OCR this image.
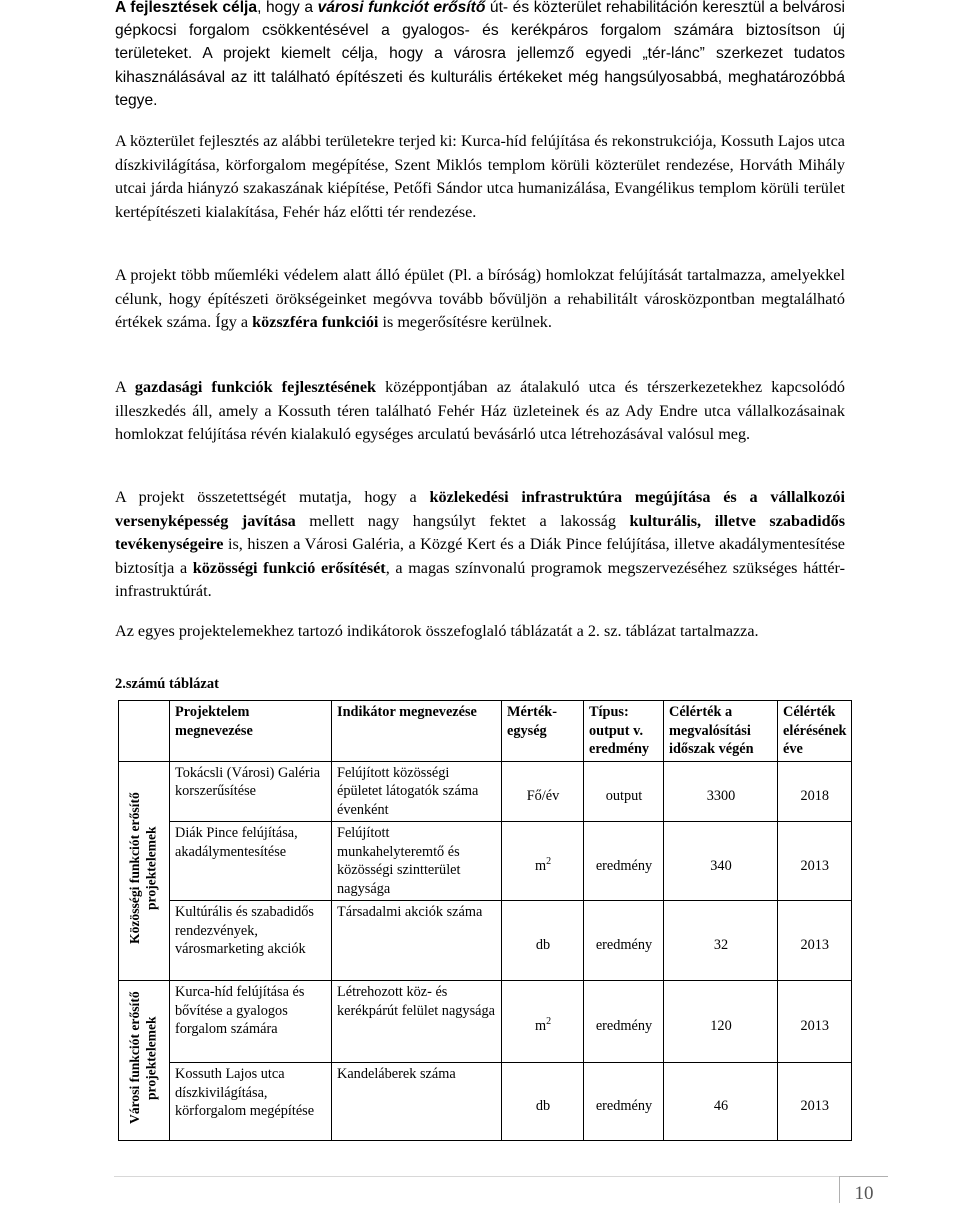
A fejlesztések célja, hogy a városi funkciót erősítő út- és közterület rehabilitáción keresztül a belvárosi gépkocsi forgalom csökkentésével a gyalogos- és kerékpáros forgalom számára biztosítson új területeket. A projekt kiemelt célja, hogy a városra jellemző egyedi „tér-lánc” szerkezet tudatos kihasználásával az itt található építészeti és kulturális értékeket még hangsúlyosabbá, meghatározóbbá tegye.

A közterület fejlesztés az alábbi területekre terjed ki: Kurca-híd felújítása és rekonstrukciója, Kossuth Lajos utca díszkivilágítása, körforgalom megépítése, Szent Miklós templom körüli közterület rendezése, Horváth Mihály utcai járda hiányzó szakaszának kiépítése, Petőfi Sándor utca humanizálása, Evangélikus templom körüli terület kertépítészeti kialakítása, Fehér ház előtti tér rendezése.

A projekt több műemléki védelem alatt álló épület (Pl. a bíróság) homlokzat felújítását tartalmazza, amelyekkel célunk, hogy építészeti örökségeinket megóvva tovább bővüljön a rehabilitált városközpontban megtalálható értékek száma. Így a közszféra funkciói is megerősítésre kerülnek.

A gazdasági funkciók fejlesztésének középpontjában az átalakuló utca és térszerkezetekhez kapcsolódó illeszkedés áll, amely a Kossuth téren található Fehér Ház üzleteinek és az Ady Endre utca vállalkozásainak homlokzat felújítása révén kialakuló egységes arculatú bevásárló utca létrehozásával valósul meg.

A projekt összetettségét mutatja, hogy a közlekedési infrastruktúra megújítása és a vállalkozói versenyképesség javítása mellett nagy hangsúlyt fektet a lakosság kulturális, illetve szabadidős tevékenységeire is, hiszen a Városi Galéria, a Közgé Kert és a Diák Pince felújítása, illetve akadálymentesítése biztosítja a közösségi funkció erősítését, a magas színvonalú programok megszervezéséhez szükséges háttér-infrastruktúrát.

Az egyes projektelemekhez tartozó indikátorok összefoglaló táblázatát a 2. sz. táblázat tartalmazza.

2.számú táblázat
	Projektelem megnevezése	Indikátor megnevezése	Mérték-egység	Típus: output v. eredmény	Célérték a megvalósítási időszak végén	Célérték elérésének éve
Közösségi funkciót erősítő projektelemek	Tokácsli (Városi) Galéria korszerűsítése	Felújított közösségi épületet látogatók száma évenként	Fő/év	output	3300	2018
	Diák Pince felújítása, akadálymentesítése	Felújított munkahelyteremtő és közösségi szintterület nagysága	$m^2$	eredmény	340	2013
	Kultúrális és szabadidős rendezvények, városmarketing akciók	Társadalmi akciók száma	db	eredmény	32	2013
Városi funkciót erősítő projektelemek	Kurca-híd felújítása és bővítése a gyalogos forgalom számára	Létrehozott köz- és kerékpárút felület nagysága	$m^2$	eredmény	120	2013
	Kossuth Lajos utca díszkivilágítása, körforgalom megépítése	Kandeláberek száma	db	eredmény	46	2013
10
